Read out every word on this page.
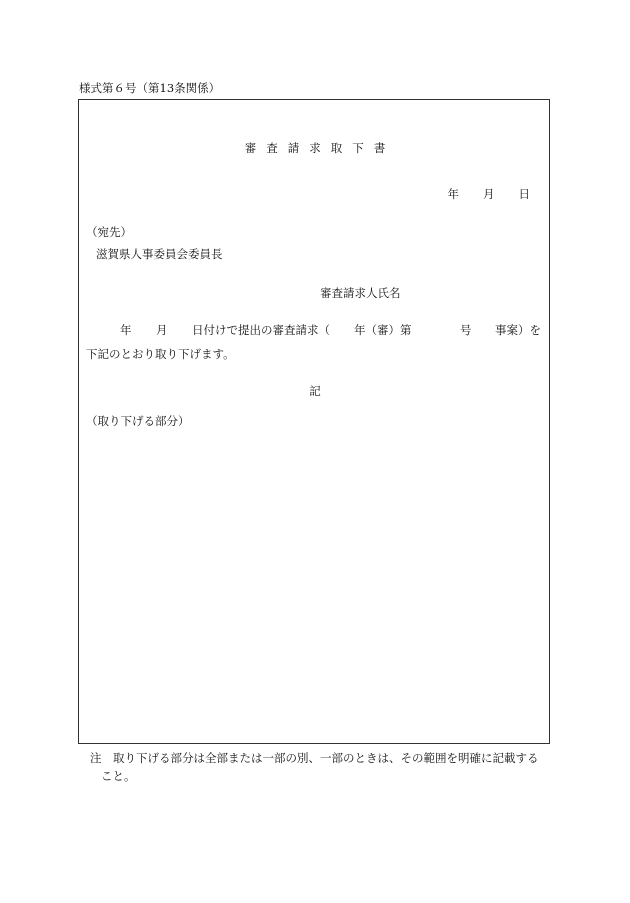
様式第６号（第13条関係）
審査請求取下書
年 月 日
（宛先）
滋賀県人事委員会委員長
審査請求人氏名
年 月 日付けで提出の審査請求（ 年（審）第	号 事案）を
下記のとおり取り下げます。
記
（取り下げる部分）
注　取り下げる部分は全部または一部の別、一部のときは、その範囲を明確に記載する
こと。
